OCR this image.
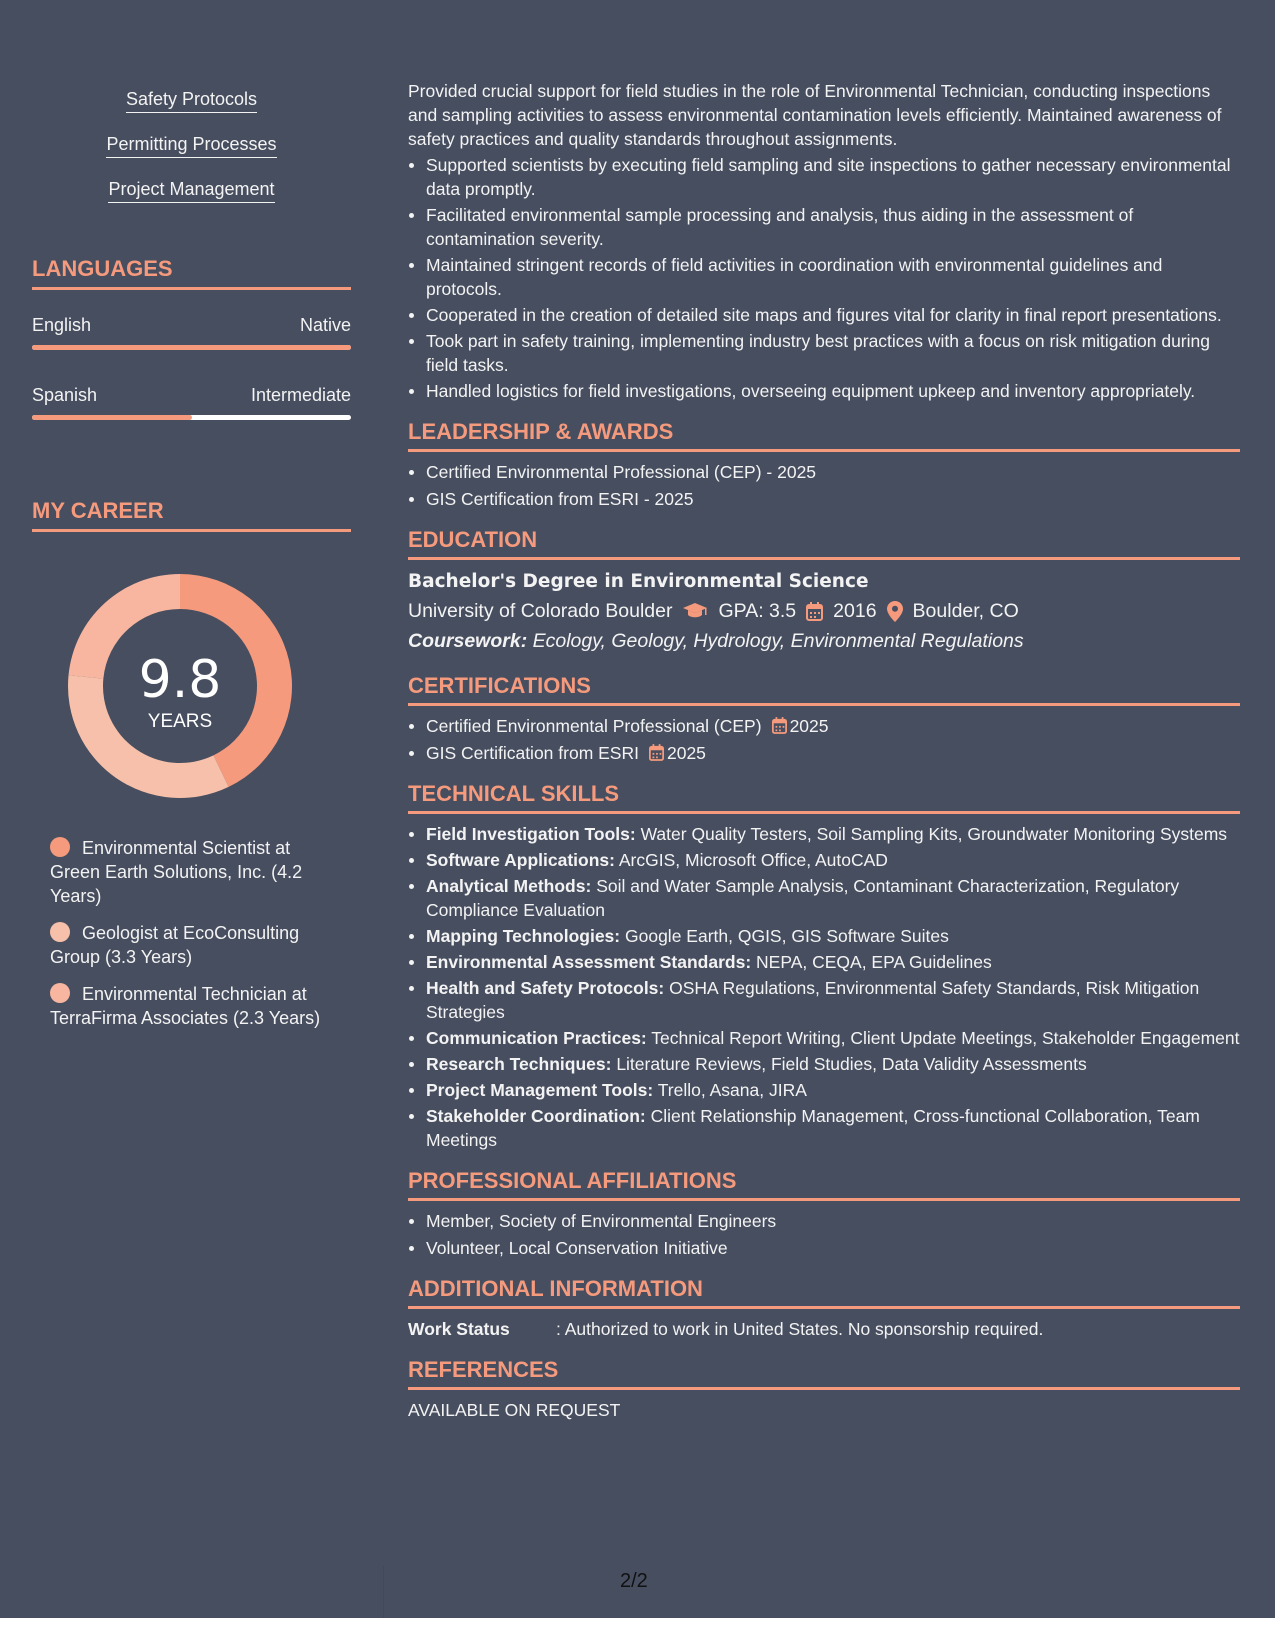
Safety Protocols
Permitting Processes
Project Management
LANGUAGES
English	Native
Spanish	Intermediate
MY CAREER
9.8
YEARS
Environmental Scientist at Green Earth Solutions, Inc. (4.2 Years)
Geologist at EcoConsulting Group (3.3 Years)
Environmental Technician at TerraFirma Associates (2.3 Years)

Provided crucial support for field studies in the role of Environmental Technician, conducting inspections and sampling activities to assess environmental contamination levels efficiently. Maintained awareness of safety practices and quality standards throughout assignments.

Supported scientists by executing field sampling and site inspections to gather necessary environmental data promptly.
Facilitated environmental sample processing and analysis, thus aiding in the assessment of contamination severity.
Maintained stringent records of field activities in coordination with environmental guidelines and protocols.
Cooperated in the creation of detailed site maps and figures vital for clarity in final report presentations.
Took part in safety training, implementing industry best practices with a focus on risk mitigation during field tasks.
Handled logistics for field investigations, overseeing equipment upkeep and inventory appropriately.
LEADERSHIP & AWARDS
Certified Environmental Professional (CEP) - 2025
GIS Certification from ESRI - 2025
EDUCATION
Bachelor's Degree in Environmental Science
University of Colorado Boulder GPA: 3.5 2016 Boulder, CO
Coursework: Ecology, Geology, Hydrology, Environmental Regulations
CERTIFICATIONS
Certified Environmental Professional (CEP) 2025
GIS Certification from ESRI 2025
TECHNICAL SKILLS
Field Investigation Tools: Water Quality Testers, Soil Sampling Kits, Groundwater Monitoring Systems
Software Applications: ArcGIS, Microsoft Office, AutoCAD
Analytical Methods: Soil and Water Sample Analysis, Contaminant Characterization, Regulatory Compliance Evaluation
Mapping Technologies: Google Earth, QGIS, GIS Software Suites
Environmental Assessment Standards: NEPA, CEQA, EPA Guidelines
Health and Safety Protocols: OSHA Regulations, Environmental Safety Standards, Risk Mitigation Strategies
Communication Practices: Technical Report Writing, Client Update Meetings, Stakeholder Engagement
Research Techniques: Literature Reviews, Field Studies, Data Validity Assessments
Project Management Tools: Trello, Asana, JIRA
Stakeholder Coordination: Client Relationship Management, Cross-functional Collaboration, Team Meetings
PROFESSIONAL AFFILIATIONS
Member, Society of Environmental Engineers
Volunteer, Local Conservation Initiative
ADDITIONAL INFORMATION
Work Status	: Authorized to work in United States. No sponsorship required.
REFERENCES
AVAILABLE ON REQUEST
2/2
